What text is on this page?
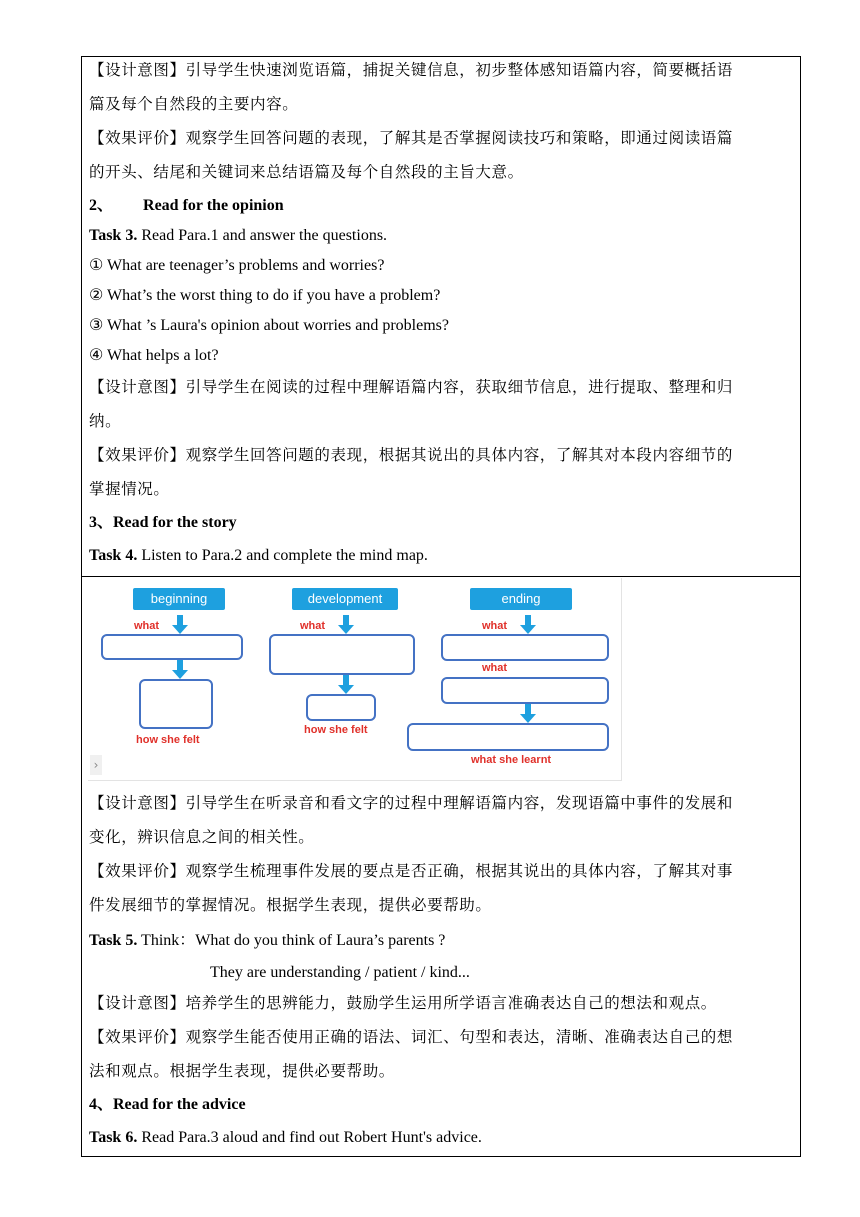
【设计意图】引导学生快速浏览语篇，捕捉关键信息，初步整体感知语篇内容，简要概括语
篇及每个自然段的主要内容。
【效果评价】观察学生回答问题的表现，了解其是否掌握阅读技巧和策略，即通过阅读语篇
的开头、结尾和关键词来总结语篇及每个自然段的主旨大意。
2、 Read for the opinion
Task 3. Read Para.1 and answer the questions.
① What are teenager’s problems and worries?
② What’s the worst thing to do if you have a problem?
③ What ’s Laura's opinion about worries and problems?
④ What helps a lot?
【设计意图】引导学生在阅读的过程中理解语篇内容，获取细节信息，进行提取、整理和归
纳。
【效果评价】观察学生回答问题的表现，根据其说出的具体内容，了解其对本段内容细节的
掌握情况。
3、Read for the story
Task 4. Listen to Para.2 and complete the mind map.
beginning	development	ending
what	what	what
what
how she felt
how she felt
what she learnt
›
【设计意图】引导学生在听录音和看文字的过程中理解语篇内容，发现语篇中事件的发展和
变化，辨识信息之间的相关性。
【效果评价】观察学生梳理事件发展的要点是否正确，根据其说出的具体内容，了解其对事
件发展细节的掌握情况。根据学生表现，提供必要帮助。
Task 5. Think：What do you think of Laura’s parents ?
They are understanding / patient / kind...
【设计意图】培养学生的思辨能力，鼓励学生运用所学语言准确表达自己的想法和观点。
【效果评价】观察学生能否使用正确的语法、词汇、句型和表达，清晰、准确表达自己的想
法和观点。根据学生表现，提供必要帮助。
4、Read for the advice
Task 6. Read Para.3 aloud and find out Robert Hunt's advice.
